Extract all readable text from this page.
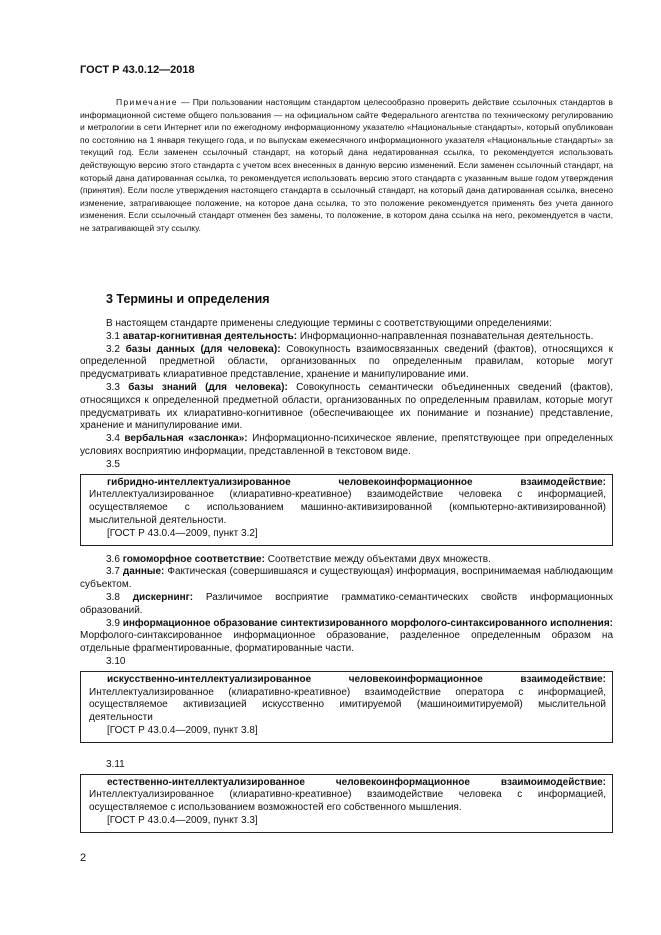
ГОСТ Р 43.0.12—2018

Примечание — При пользовании настоящим стандартом целесообразно проверить действие ссылочных стандартов в информационной системе общего пользования — на официальном сайте Федерального агентства по техническому регулированию и метрологии в сети Интернет или по ежегодному информационному указателю «Национальные стандарты», который опубликован по состоянию на 1 января текущего года, и по выпускам ежемесячного информационного указателя «Национальные стандарты» за текущий год. Если заменен ссылочный стандарт, на который дана недатированная ссылка, то рекомендуется использовать действующую версию этого стандарта с учетом всех внесенных в данную версию изменений. Если заменен ссылочный стандарт, на который дана датированная ссылка, то рекомендуется использовать версию этого стандарта с указанным выше годом утверждения (принятия). Если после утверждения настоящего стандарта в ссылочный стандарт, на который дана датированная ссылка, внесено изменение, затрагивающее положение, на которое дана ссылка, то это положение рекомендуется применять без учета данного изменения. Если ссылочный стандарт отменен без замены, то положение, в котором дана ссылка на него, рекомендуется в части, не затрагивающей эту ссылку.

3 Термины и определения

В настоящем стандарте применены следующие термины с соответствующими определениями:

3.1 аватар-когнитивная деятельность: Информационно-направленная познавательная деятельность.

3.2 базы данных (для человека): Совокупность взаимосвязанных сведений (фактов), относящихся к определенной предметной области, организованных по определенным правилам, которые могут предусматривать клиаративное представление, хранение и манипулирование ими.

3.3 базы знаний (для человека): Совокупность семантически объединенных сведений (фактов), относящихся к определенной предметной области, организованных по определенным правилам, которые могут предусматривать их клиаративно-когнитивное (обеспечивающее их понимание и познание) представление, хранение и манипулирование ими.

3.4 вербальная «заслонка»: Информационно-психическое явление, препятствующее при определенных условиях восприятию информации, представленной в текстовом виде.

3.5

гибридно-интеллектуализированное человекоинформационное взаимодействие: Интеллектуализированное (клиаративно-креативное) взаимодействие человека с информацией, осуществляемое с использованием машинно-активизированной (компьютерно-активизированной) мыслительной деятельности.

[ГОСТ Р 43.0.4—2009, пункт 3.2]

3.6 гомоморфное соответствие: Соответствие между объектами двух множеств.

3.7 данные: Фактическая (совершившаяся и существующая) информация, воспринимаемая наблюдающим субъектом.

3.8 дискернинг: Различимое восприятие грамматико-семантических свойств информационных образований.

3.9 информационное образование синтектизированного морфолого-синтаксированного исполнения: Морфолого-синтаксированное информационное образование, разделенное определенным образом на отдельные фрагментированные, форматированные части.

3.10

искусственно-интеллектуализированное человекоинформационное взаимодействие: Интеллектуализированное (клиаративно-креативное) взаимодействие оператора с информацией, осуществляемое активизацией искусственно имитируемой (машиноимитируемой) мыслительной деятельности

[ГОСТ Р 43.0.4—2009, пункт 3.8]

3.11

естественно-интеллектуализированное человекоинформационное взаимоимодействие: Интеллектуализированное (клиаративно-креативное) взаимодействие человека с информацией, осуществляемое с использованием возможностей его собственного мышления.

[ГОСТ Р 43.0.4—2009, пункт 3.3]

2
